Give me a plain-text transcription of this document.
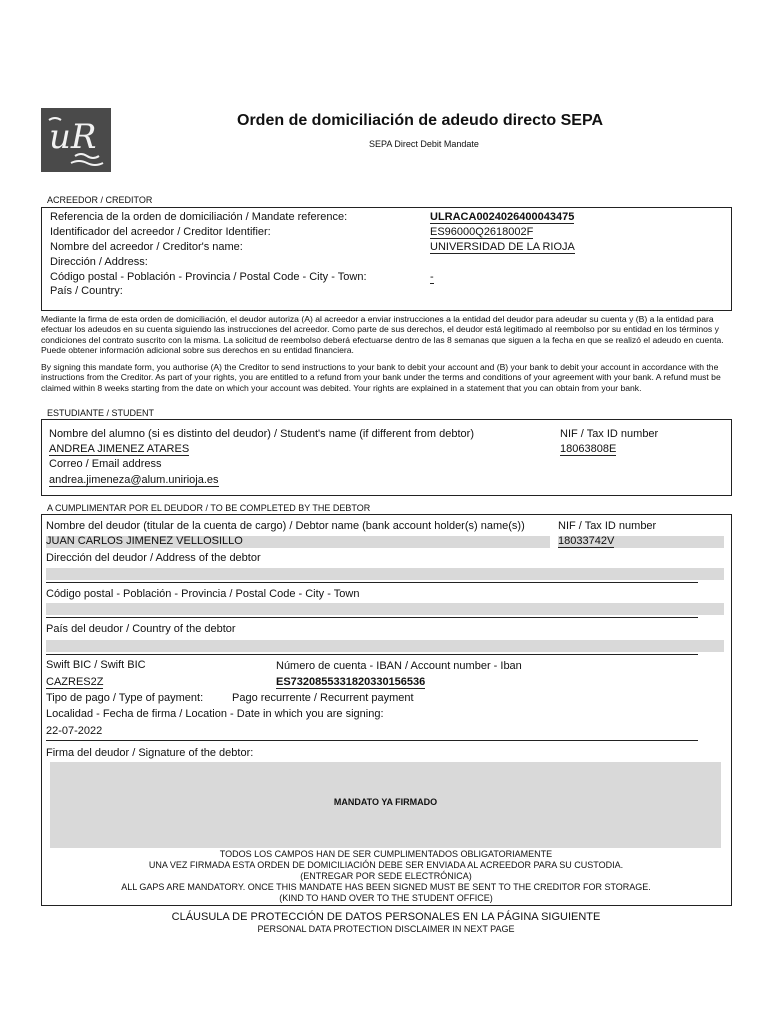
uR	Orden de domiciliación de adeudo directo SEPA
SEPA Direct Debit Mandate
ACREEDOR / CREDITOR
Referencia de la orden de domiciliación / Mandate reference:	ULRACA0024026400043475
Identificador del acreedor / Creditor Identifier:	ES96000Q2618002F
Nombre del acreedor / Creditor's name:	UNIVERSIDAD DE LA RIOJA
Dirección / Address:
Código postal - Población - Provincia / Postal Code - City - Town:	-
País / Country:
Mediante la firma de esta orden de domiciliación, el deudor autoriza (A) al acreedor a enviar instrucciones a la entidad del deudor para adeudar su cuenta y (B) a la entidad para efectuar los adeudos en su cuenta siguiendo las instrucciones del acreedor. Como parte de sus derechos, el deudor está legitimado al reembolso por su entidad en los términos y condiciones del contrato suscrito con la misma. La solicitud de reembolso deberá efectuarse dentro de las 8 semanas que siguen a la fecha en que se realizó el adeudo en cuenta. Puede obtener información adicional sobre sus derechos en su entidad financiera.
By signing this mandate form, you authorise (A) the Creditor to send instructions to your bank to debit your account and (B) your bank to debit your account in accordance with the instructions from the Creditor. As part of your rights, you are entitled to a refund from your bank under the terms and conditions of your agreement with your bank. A refund must be claimed within 8 weeks starting from the date on which your account was debited. Your rights are explained in a statement that you can obtain from your bank.
ESTUDIANTE / STUDENT
Nombre del alumno (si es distinto del deudor) / Student's name (if different from debtor)
ANDREA JIMENEZ ATARES
NIF / Tax ID number
18063808E
Correo / Email address
andrea.jimeneza@alum.unirioja.es
A CUMPLIMENTAR POR EL DEUDOR / TO BE COMPLETED BY THE DEBTOR
Nombre del deudor (titular de la cuenta de cargo) / Debtor name (bank account holder(s) name(s))	NIF / Tax ID number
JUAN CARLOS JIMENEZ VELLOSILLO	18033742V
Dirección del deudor / Address of the debtor
Código postal - Población - Provincia / Postal Code - City - Town
País del deudor / Country of the debtor
Swift BIC / Swift BIC	Número de cuenta - IBAN / Account number - Iban
CAZRES2Z	ES7320855331820330156536
Tipo de pago / Type of payment:	Pago recurrente / Recurrent payment
Localidad - Fecha de firma / Location - Date in which you are signing:
22-07-2022
Firma del deudor / Signature of the debtor:
MANDATO YA FIRMADO
TODOS LOS CAMPOS HAN DE SER CUMPLIMENTADOS OBLIGATORIAMENTE
UNA VEZ FIRMADA ESTA ORDEN DE DOMICILIACIÓN DEBE SER ENVIADA AL ACREEDOR PARA SU CUSTODIA.
(ENTREGAR POR SEDE ELECTRÓNICA)
ALL GAPS ARE MANDATORY. ONCE THIS MANDATE HAS BEEN SIGNED MUST BE SENT TO THE CREDITOR FOR STORAGE.
(KIND TO HAND OVER TO THE STUDENT OFFICE)
CLÁUSULA DE PROTECCIÓN DE DATOS PERSONALES EN LA PÁGINA SIGUIENTE
PERSONAL DATA PROTECTION DISCLAIMER IN NEXT PAGE
